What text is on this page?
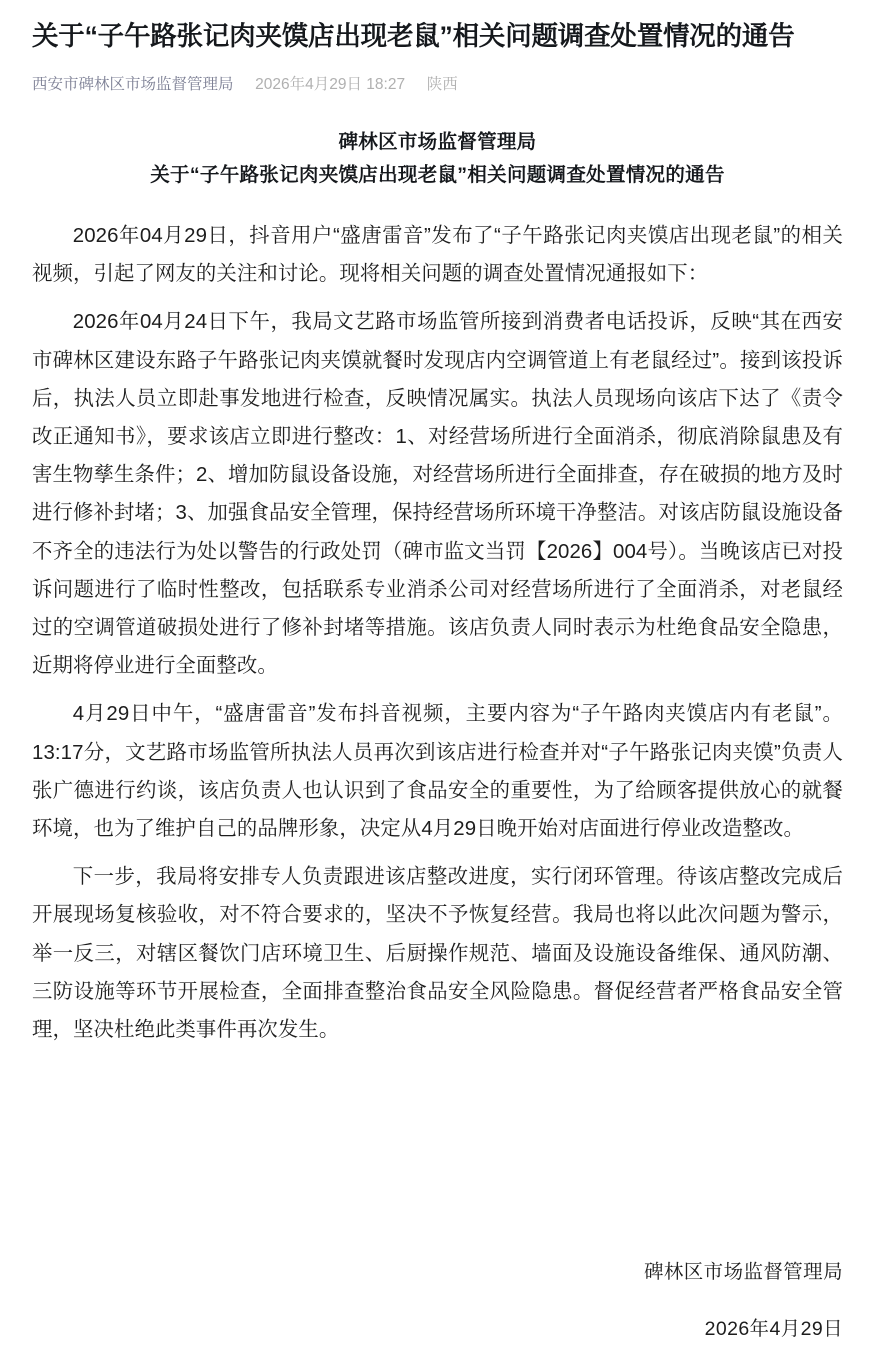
关于“子午路张记肉夹馍店出现老鼠”相关问题调查处置情况的通告
西安市碑林区市场监督管理局 2026年4月29日 18:27 陕西
碑林区市场监督管理局
关于“子午路张记肉夹馍店出现老鼠”相关问题调查处置情况的通告

2026年04月29日，抖音用户“盛唐雷音”发布了“子午路张记肉夹馍店出现老鼠”的相关视频，引起了网友的关注和讨论。现将相关问题的调查处置情况通报如下：

2026年04月24日下午，我局文艺路市场监管所接到消费者电话投诉，反映“其在西安市碑林区建设东路子午路张记肉夹馍就餐时发现店内空调管道上有老鼠经过”。接到该投诉后，执法人员立即赴事发地进行检查，反映情况属实。执法人员现场向该店下达了《责令改正通知书》，要求该店立即进行整改：1、对经营场所进行全面消杀，彻底消除鼠患及有害生物孳生条件；2、增加防鼠设备设施，对经营场所进行全面排查，存在破损的地方及时进行修补封堵；3、加强食品安全管理，保持经营场所环境干净整洁。对该店防鼠设施设备不齐全的违法行为处以警告的行政处罚（碑市监文当罚【2026】004号）。当晚该店已对投诉问题进行了临时性整改，包括联系专业消杀公司对经营场所进行了全面消杀，对老鼠经过的空调管道破损处进行了修补封堵等措施。该店负责人同时表示为杜绝食品安全隐患，近期将停业进行全面整改。

4月29日中午，“盛唐雷音”发布抖音视频，主要内容为“子午路肉夹馍店内有老鼠”。13:17分，文艺路市场监管所执法人员再次到该店进行检查并对“子午路张记肉夹馍”负责人张广德进行约谈，该店负责人也认识到了食品安全的重要性，为了给顾客提供放心的就餐环境，也为了维护自己的品牌形象，决定从4月29日晚开始对店面进行停业改造整改。

下一步，我局将安排专人负责跟进该店整改进度，实行闭环管理。待该店整改完成后开展现场复核验收，对不符合要求的，坚决不予恢复经营。我局也将以此次问题为警示，举一反三，对辖区餐饮门店环境卫生、后厨操作规范、墙面及设施设备维保、通风防潮、三防设施等环节开展检查，全面排查整治食品安全风险隐患。督促经营者严格食品安全管理，坚决杜绝此类事件再次发生。

碑林区市场监督管理局
2026年4月29日
